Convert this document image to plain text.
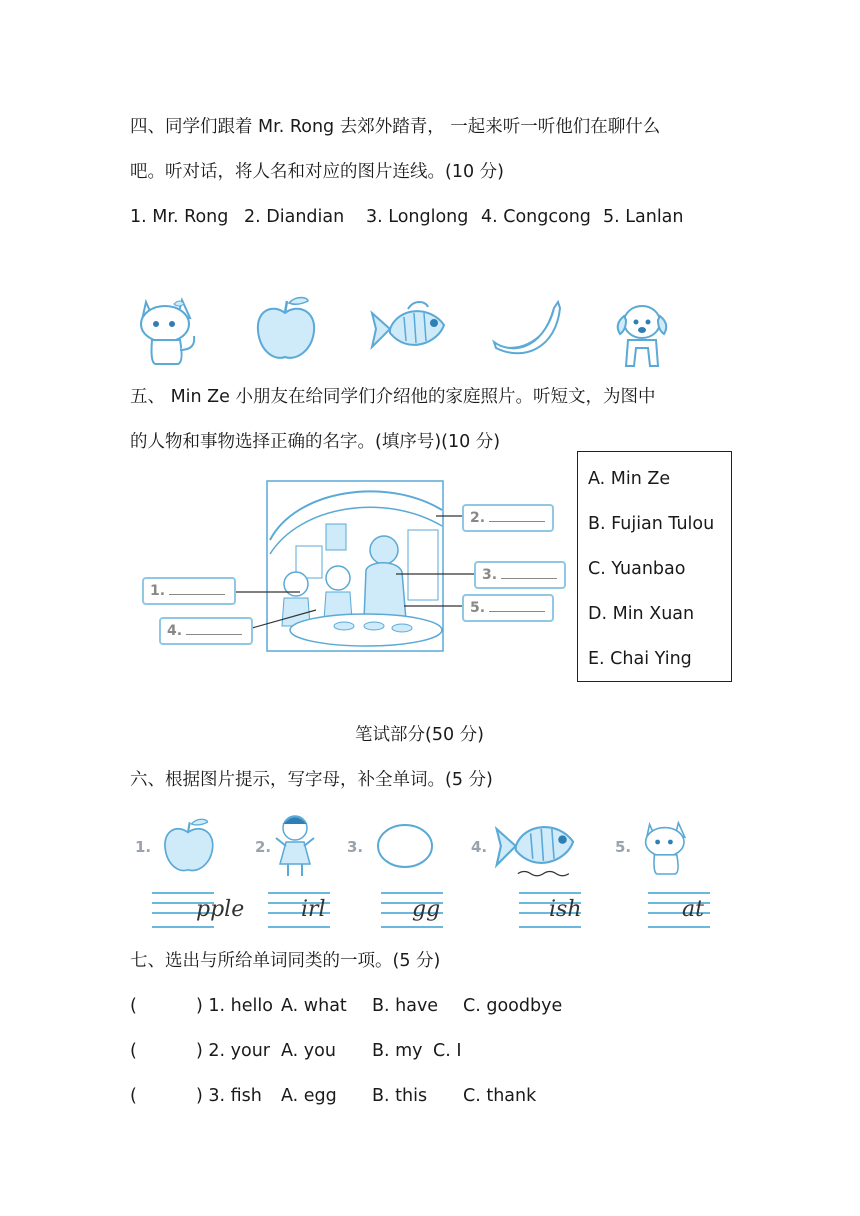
四、同学们跟着 Mr. Rong 去郊外踏青， 一起来听一听他们在聊什么
吧。听对话，将人名和对应的图片连线。(10 分)
1. Mr. Rong 2. Diandian 3. Longlong 4. Congcong 5. Lanlan
五、 Min Ze 小朋友在给同学们介绍他的家庭照片。听短文，为图中
的人物和事物选择正确的名字。(填序号)(10 分)
A. Min Ze
B. Fujian Tulou
C. Yuanbao
D. Min Xuan
E. Chai Ying
1.
2.
3.
4.
5.
笔试部分(50 分)
六、根据图片提示，写字母，补全单词。(5 分)
1.	2.	3.	4.	5.
pple	irl	gg	ish	at
七、选出与所给单词同类的一项。(5 分)
(	) 1. hello A. what B. have C. goodbye
(	) 2. your A. you B. my C. I
(	) 3. fish A. egg B. this C. thank
